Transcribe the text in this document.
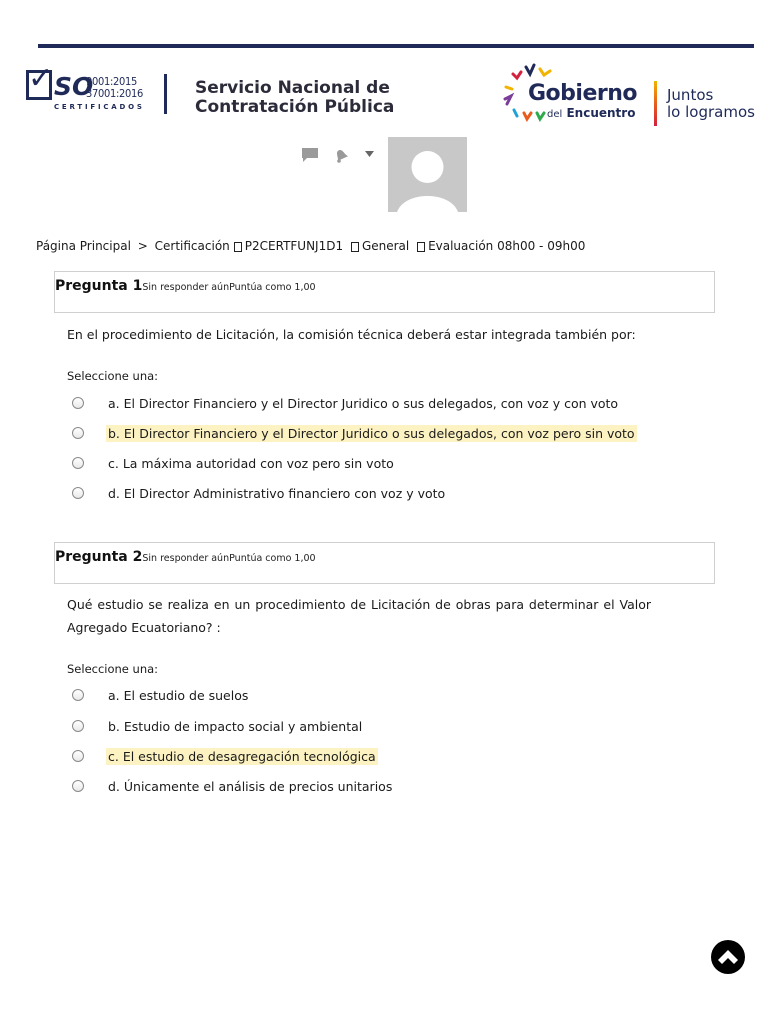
✓ SO
9001:2015
37001:2016
CERTIFICADOS
Servicio Nacional de
Contratación Pública
Gobierno
del Encuentro
Juntos
lo logramos
Página Principal > Certificación P2CERTFUNJ1D1 General Evaluación 08h00 - 09h00
Pregunta 1Sin responder aúnPuntúa como 1,00
En el procedimiento de Licitación, la comisión técnica deberá estar integrada también por:
Seleccione una:
a. El Director Financiero y el Director Juridico o sus delegados, con voz y con voto
b. El Director Financiero y el Director Juridico o sus delegados, con voz pero sin voto
c. La máxima autoridad con voz pero sin voto
d. El Director Administrativo financiero con voz y voto
Pregunta 2Sin responder aúnPuntúa como 1,00
Qué estudio se realiza en un procedimiento de Licitación de obras para determinar el Valor Agregado Ecuatoriano? :
Seleccione una:
a. El estudio de suelos
b. Estudio de impacto social y ambiental
c. El estudio de desagregación tecnológica
d. Únicamente el análisis de precios unitarios
